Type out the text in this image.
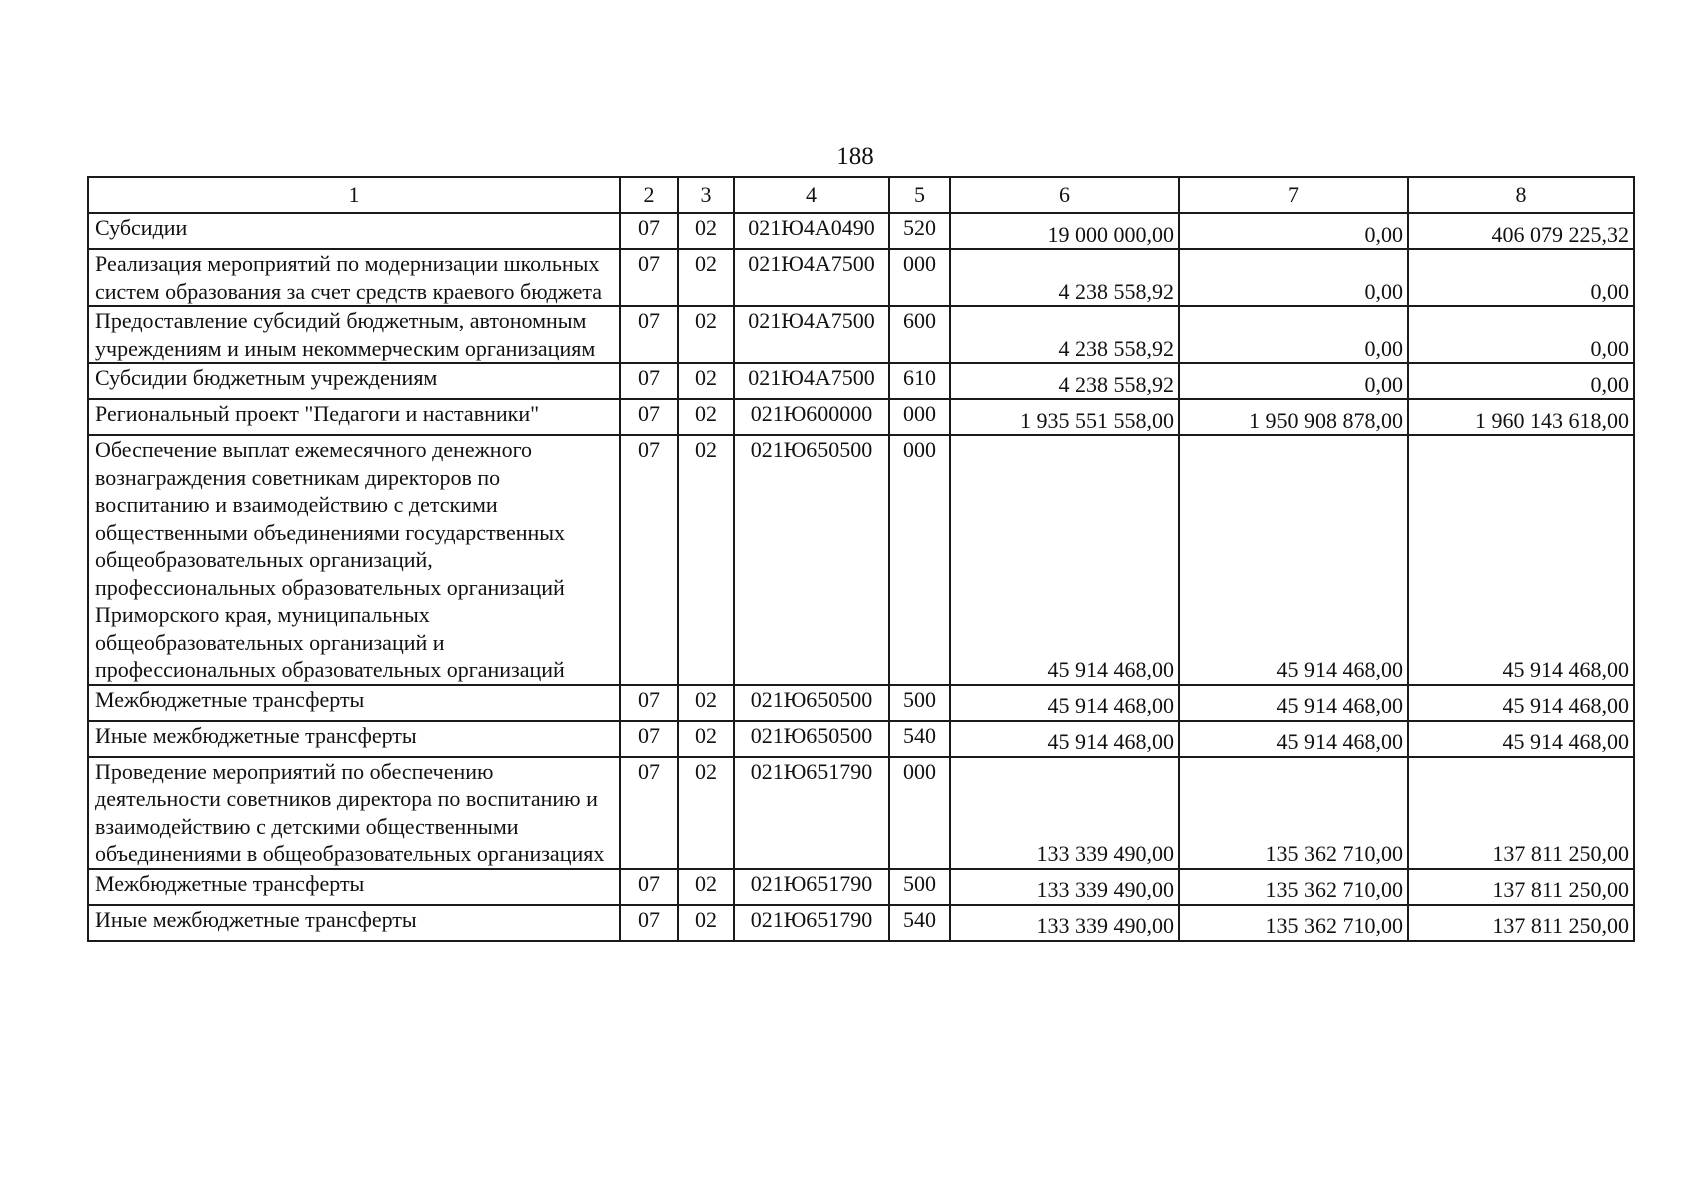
188
1	2	3	4	5	6	7	8
Субсидии	07	02	021Ю4А0490	520	19 000 000,00	0,00	406 079 225,32
Реализация мероприятий по модернизации школьных систем образования за счет средств краевого бюджета	07	02	021Ю4А7500	000	4 238 558,92	0,00	0,00
Предоставление субсидий бюджетным, автономным учреждениям и иным некоммерческим организациям	07	02	021Ю4А7500	600	4 238 558,92	0,00	0,00
Субсидии бюджетным учреждениям	07	02	021Ю4А7500	610	4 238 558,92	0,00	0,00
Региональный проект "Педагоги и наставники"	07	02	021Ю600000	000	1 935 551 558,00	1 950 908 878,00	1 960 143 618,00
Обеспечение выплат ежемесячного денежного вознаграждения советникам директоров по воспитанию и взаимодействию с детскими общественными объединениями государственных общеобразовательных организаций, профессиональных образовательных организаций Приморского края, муниципальных общеобразовательных организаций и профессиональных образовательных организаций	07	02	021Ю650500	000	45 914 468,00	45 914 468,00	45 914 468,00
Межбюджетные трансферты	07	02	021Ю650500	500	45 914 468,00	45 914 468,00	45 914 468,00
Иные межбюджетные трансферты	07	02	021Ю650500	540	45 914 468,00	45 914 468,00	45 914 468,00
Проведение мероприятий по обеспечению деятельности советников директора по воспитанию и взаимодействию с детскими общественными объединениями в общеобразовательных организациях	07	02	021Ю651790	000	133 339 490,00	135 362 710,00	137 811 250,00
Межбюджетные трансферты	07	02	021Ю651790	500	133 339 490,00	135 362 710,00	137 811 250,00
Иные межбюджетные трансферты	07	02	021Ю651790	540	133 339 490,00	135 362 710,00	137 811 250,00
